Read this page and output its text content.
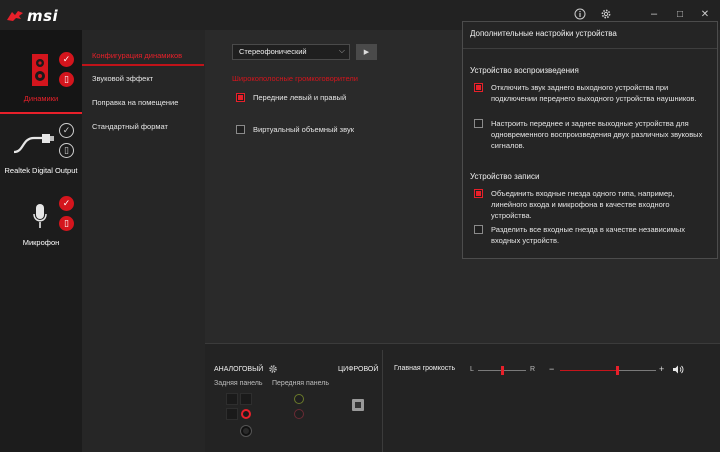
msi	–	□	✕
✓
▯
Динамики
✓
▯
Realtek Digital Output
✓
▯
Микрофон
Конфигурация динамиков
Звуковой эффект
Поправка на помещение
Стандартный формат
Стереофонический	⌵	▶
Широкополосные громкоговорители
Передние левый и правый
Виртуальный объемный звук
Дополнительные настройки устройства
Устройство воспроизведения
Отключить звук заднего выходного устройства при подключении переднего выходного устройства наушников.
Настроить переднее и заднее выходные устройства для одновременного воспроизведения двух различных звуковых сигналов.
Устройство записи
Объединить входные гнезда одного типа, например, линейного входа и микрофона в качестве входного устройства.
Разделить все входные гнезда в качестве независимых входных устройств.
АНАЛОГОВЫЙ	ЦИФРОВОЙ
Задняя панель Передняя панель
Главная громкость L	R −	+
